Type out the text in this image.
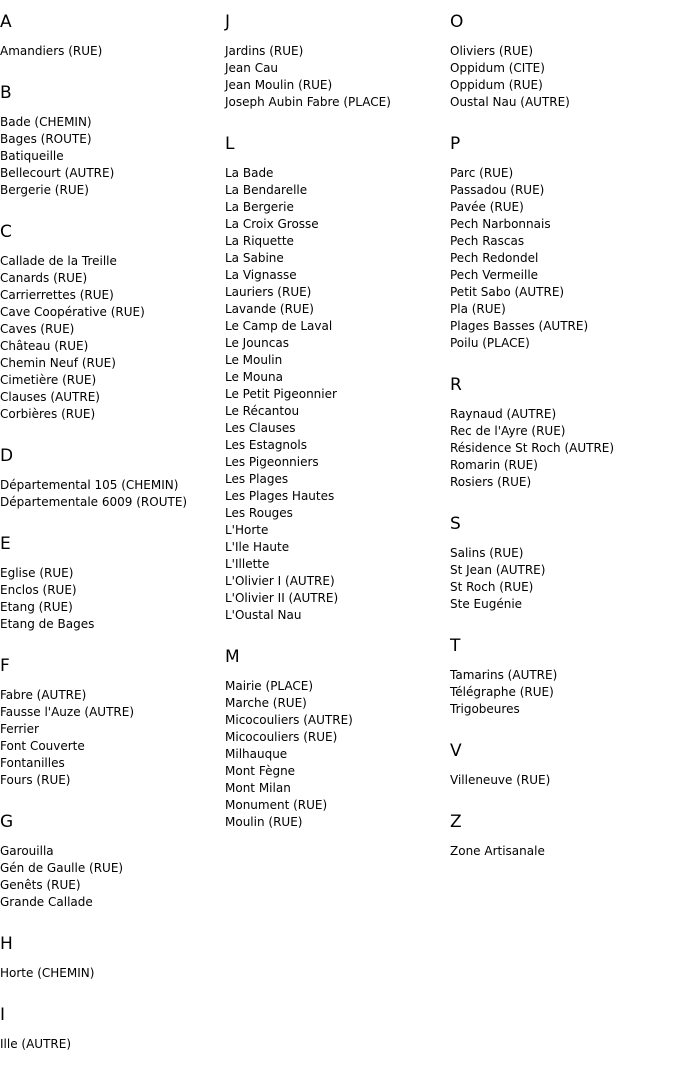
A
Amandiers (RUE)
B
Bade (CHEMIN)
Bages (ROUTE)
Batiqueille
Bellecourt (AUTRE)
Bergerie (RUE)
C
Callade de la Treille
Canards (RUE)
Carrierrettes (RUE)
Cave Coopérative (RUE)
Caves (RUE)
Château (RUE)
Chemin Neuf (RUE)
Cimetière (RUE)
Clauses (AUTRE)
Corbières (RUE)
D
Départemental 105 (CHEMIN)
Départementale 6009 (ROUTE)
E
Eglise (RUE)
Enclos (RUE)
Etang (RUE)
Etang de Bages
F
Fabre (AUTRE)
Fausse l'Auze (AUTRE)
Ferrier
Font Couverte
Fontanilles
Fours (RUE)
G
Garouilla
Gén de Gaulle (RUE)
Genêts (RUE)
Grande Callade
H
Horte (CHEMIN)
I
Ille (AUTRE)
J
Jardins (RUE)
Jean Cau
Jean Moulin (RUE)
Joseph Aubin Fabre (PLACE)
L
La Bade
La Bendarelle
La Bergerie
La Croix Grosse
La Riquette
La Sabine
La Vignasse
Lauriers (RUE)
Lavande (RUE)
Le Camp de Laval
Le Jouncas
Le Moulin
Le Mouna
Le Petit Pigeonnier
Le Récantou
Les Clauses
Les Estagnols
Les Pigeonniers
Les Plages
Les Plages Hautes
Les Rouges
L'Horte
L'Ile Haute
L'Illette
L'Olivier I (AUTRE)
L'Olivier II (AUTRE)
L'Oustal Nau
M
Mairie (PLACE)
Marche (RUE)
Micocouliers (AUTRE)
Micocouliers (RUE)
Milhauque
Mont Fègne
Mont Milan
Monument (RUE)
Moulin (RUE)
O
Oliviers (RUE)
Oppidum (CITE)
Oppidum (RUE)
Oustal Nau (AUTRE)
P
Parc (RUE)
Passadou (RUE)
Pavée (RUE)
Pech Narbonnais
Pech Rascas
Pech Redondel
Pech Vermeille
Petit Sabo (AUTRE)
Pla (RUE)
Plages Basses (AUTRE)
Poilu (PLACE)
R
Raynaud (AUTRE)
Rec de l'Ayre (RUE)
Résidence St Roch (AUTRE)
Romarin (RUE)
Rosiers (RUE)
S
Salins (RUE)
St Jean (AUTRE)
St Roch (RUE)
Ste Eugénie
T
Tamarins (AUTRE)
Télégraphe (RUE)
Trigobeures
V
Villeneuve (RUE)
Z
Zone Artisanale
